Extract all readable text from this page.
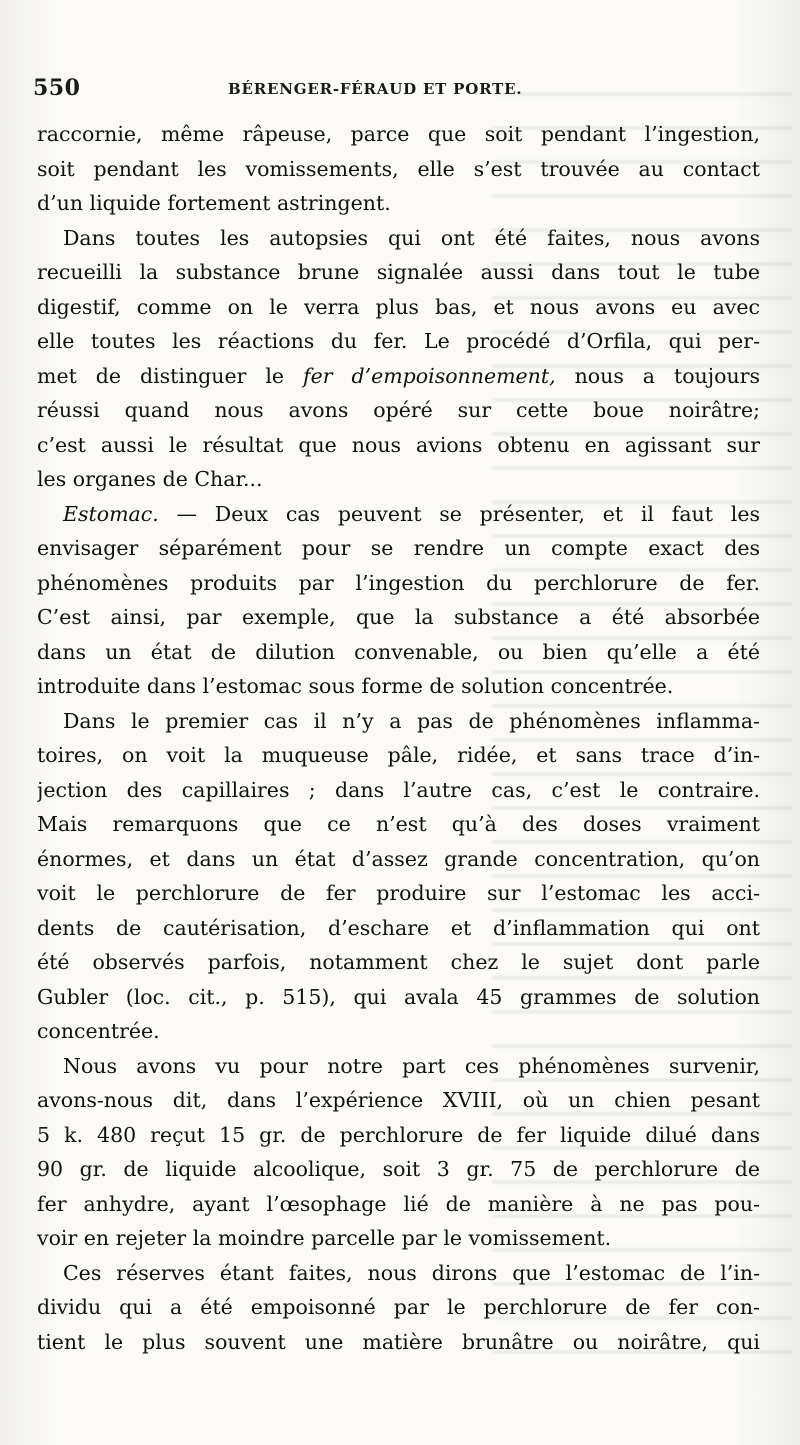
550	BÉRENGER-FÉRAUD ET PORTE.
raccornie, même râpeuse, parce que soit pendant l’ingestion,
soit pendant les vomissements, elle s’est trouvée au contact
d’un liquide fortement astringent.
Dans toutes les autopsies qui ont été faites, nous avons
recueilli la substance brune signalée aussi dans tout le tube
digestif, comme on le verra plus bas, et nous avons eu avec
elle toutes les réactions du fer. Le procédé d’Orfila, qui per-
met de distinguer le fer d’empoisonnement, nous a toujours
réussi quand nous avons opéré sur cette boue noirâtre;
c’est aussi le résultat que nous avions obtenu en agissant sur
les organes de Char...
Estomac. — Deux cas peuvent se présenter, et il faut les
envisager séparément pour se rendre un compte exact des
phénomènes produits par l’ingestion du perchlorure de fer.
C’est ainsi, par exemple, que la substance a été absorbée
dans un état de dilution convenable, ou bien qu’elle a été
introduite dans l’estomac sous forme de solution concentrée.
Dans le premier cas il n’y a pas de phénomènes inflamma-
toires, on voit la muqueuse pâle, ridée, et sans trace d’in-
jection des capillaires ; dans l’autre cas, c’est le contraire.
Mais remarquons que ce n’est qu’à des doses vraiment
énormes, et dans un état d’assez grande concentration, qu’on
voit le perchlorure de fer produire sur l’estomac les acci-
dents de cautérisation, d’eschare et d’inflammation qui ont
été observés parfois, notamment chez le sujet dont parle
Gubler (loc. cit., p. 515), qui avala 45 grammes de solution
concentrée.
Nous avons vu pour notre part ces phénomènes survenir,
avons-nous dit, dans l’expérience XVIII, où un chien pesant
5 k. 480 reçut 15 gr. de perchlorure de fer liquide dilué dans
90 gr. de liquide alcoolique, soit 3 gr. 75 de perchlorure de
fer anhydre, ayant l’œsophage lié de manière à ne pas pou-
voir en rejeter la moindre parcelle par le vomissement.
Ces réserves étant faites, nous dirons que l’estomac de l’in-
dividu qui a été empoisonné par le perchlorure de fer con-
tient le plus souvent une matière brunâtre ou noirâtre, qui
